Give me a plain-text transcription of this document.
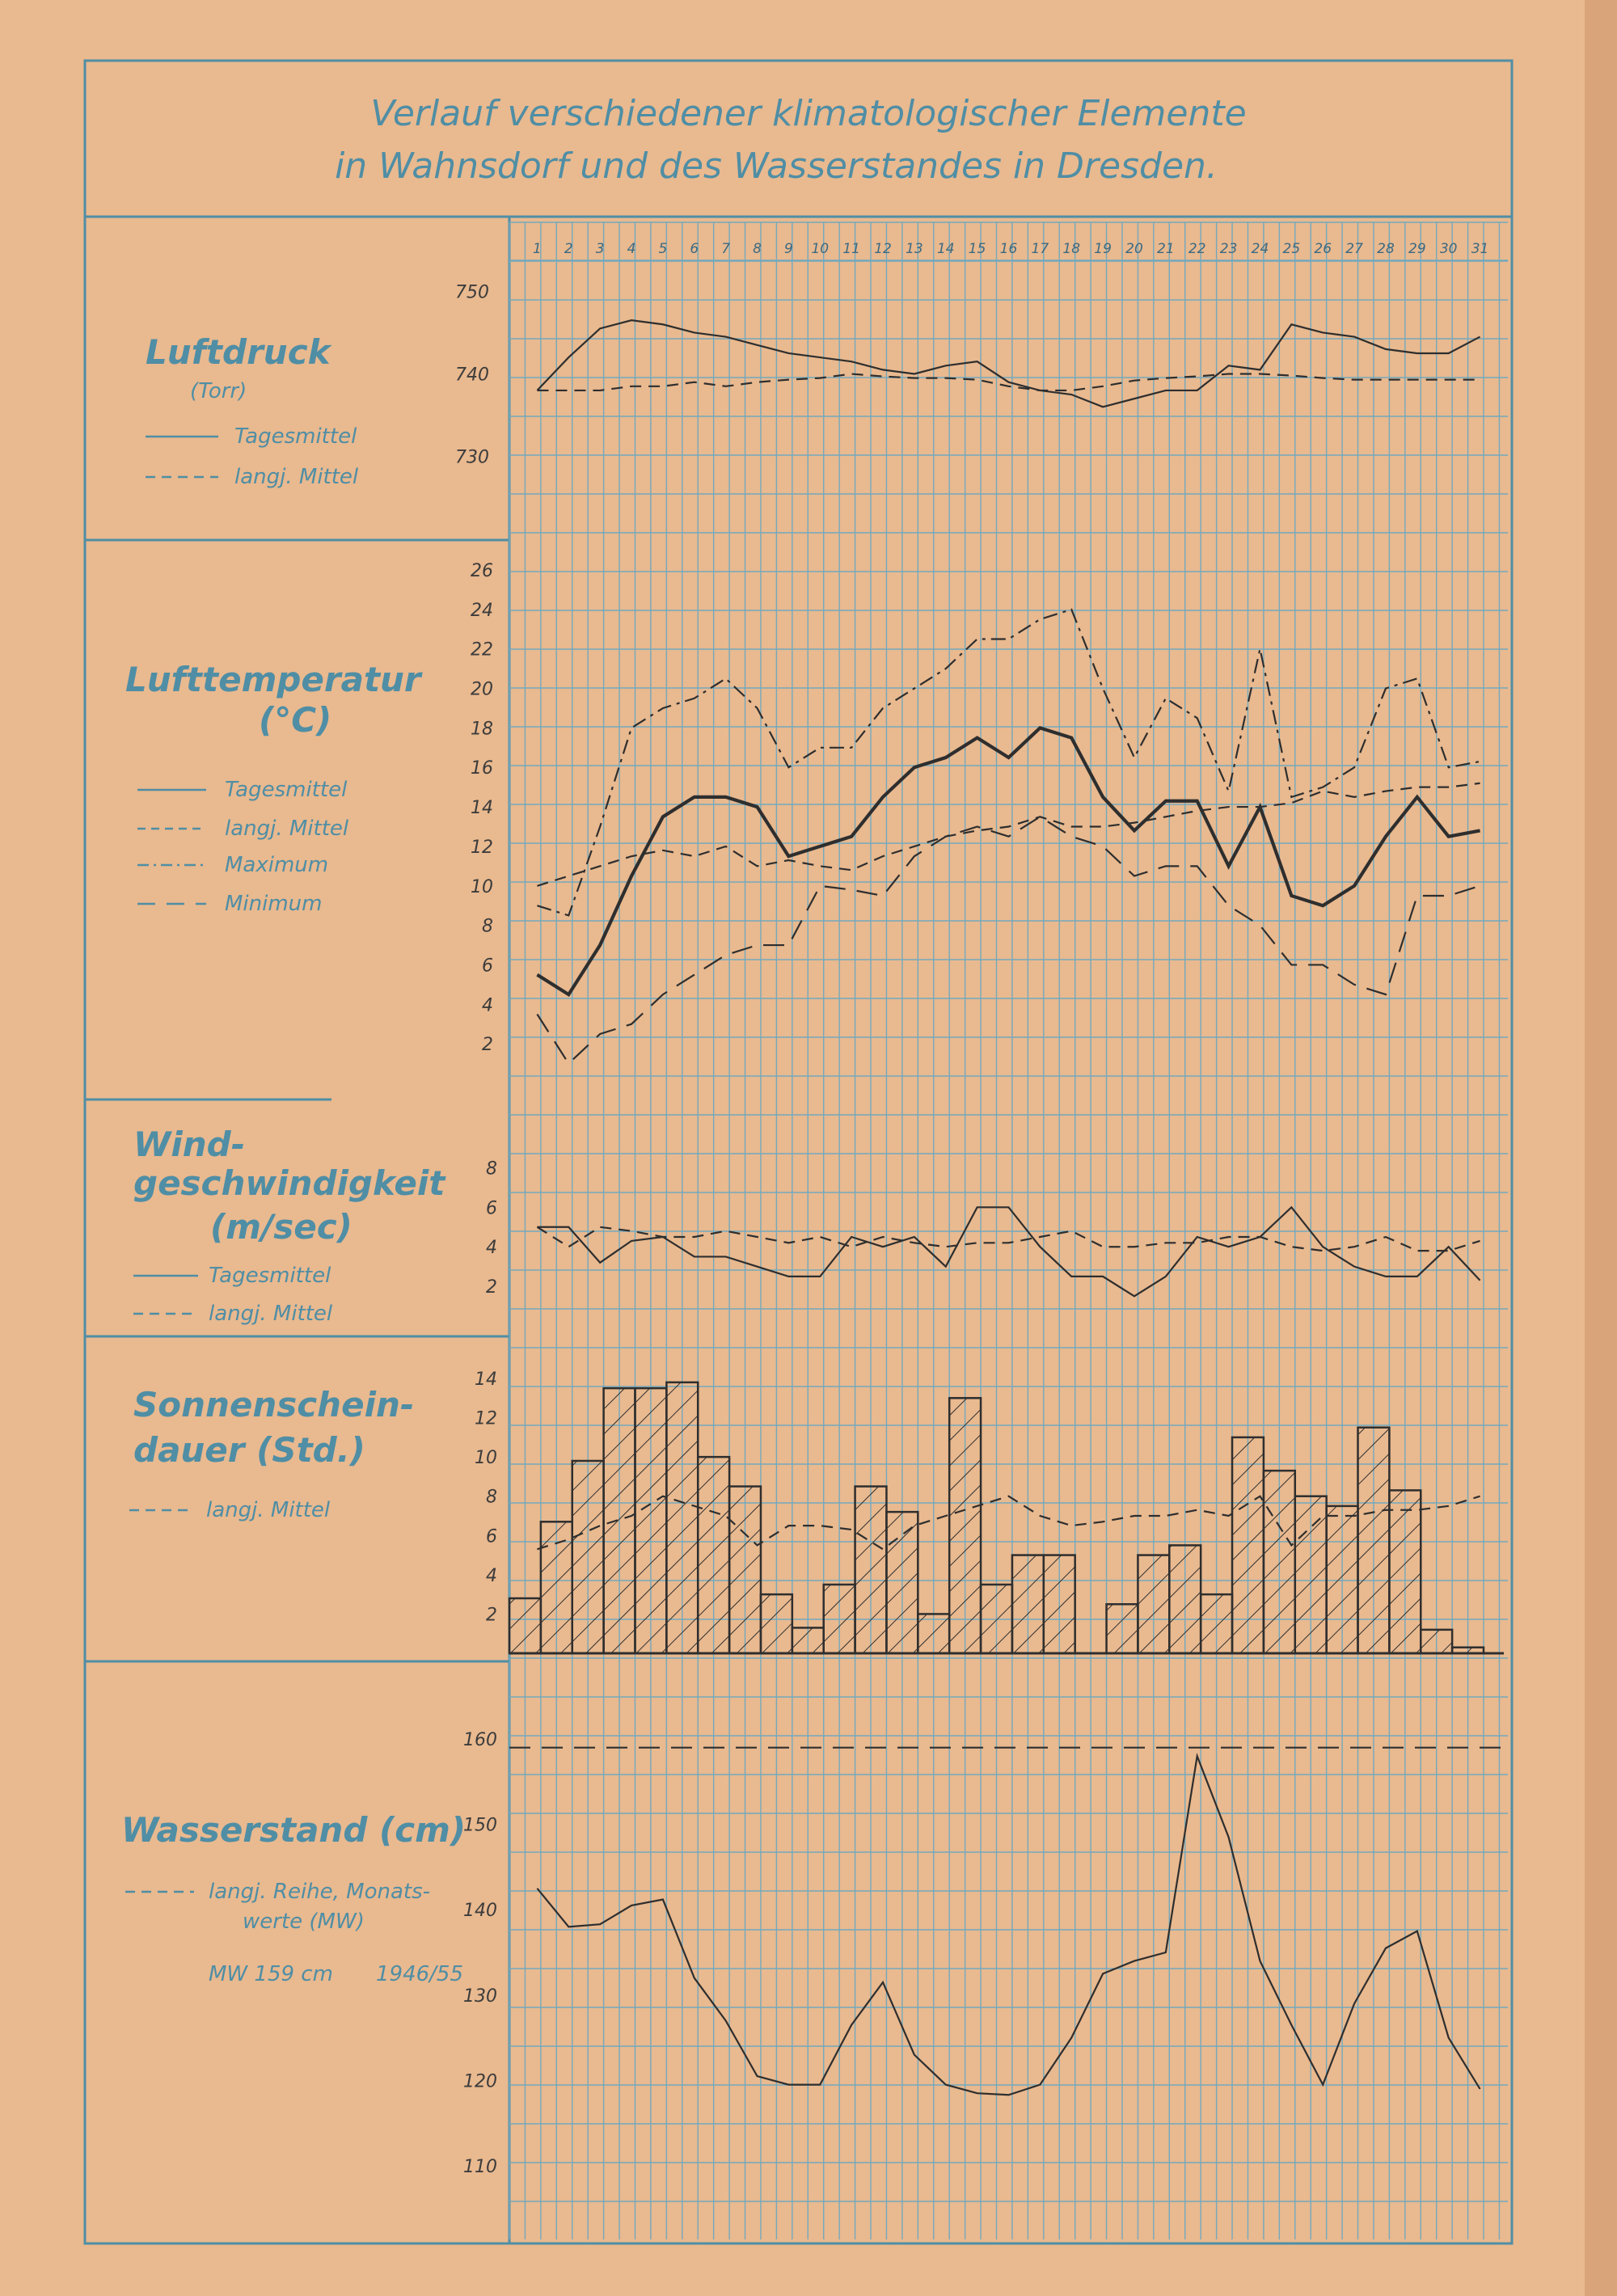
Verlauf verschiedener klimatologischer Elemente
in Wahnsdorf und des Wasserstandes in Dresden.
1 2 3 4 5 6 7 8 9 10 11 12 13 14 15 16 17 18 19 20 21 22 23 24 25 26 27 28 29 30 31
Luftdruck
(Torr)
Tagesmittel
langj. Mittel
Lufttemperatur
(°C)
Tagesmittel
langj. Mittel
Maximum
Minimum
Wind-
geschwindigkeit
(m/sec)
Tagesmittel
langj. Mittel
Sonnenschein-
dauer (Std.)
langj. Mittel
Wasserstand (cm)
langj. Reihe, Monats-
werte (MW)
MW 159 cm 1946/55
730
740
750
2
4
6
8
10
12
14
16
18
20
22
24
26
2
4
6
8
2
4
6
8
10
12
14
110
120
130
140
150
160
